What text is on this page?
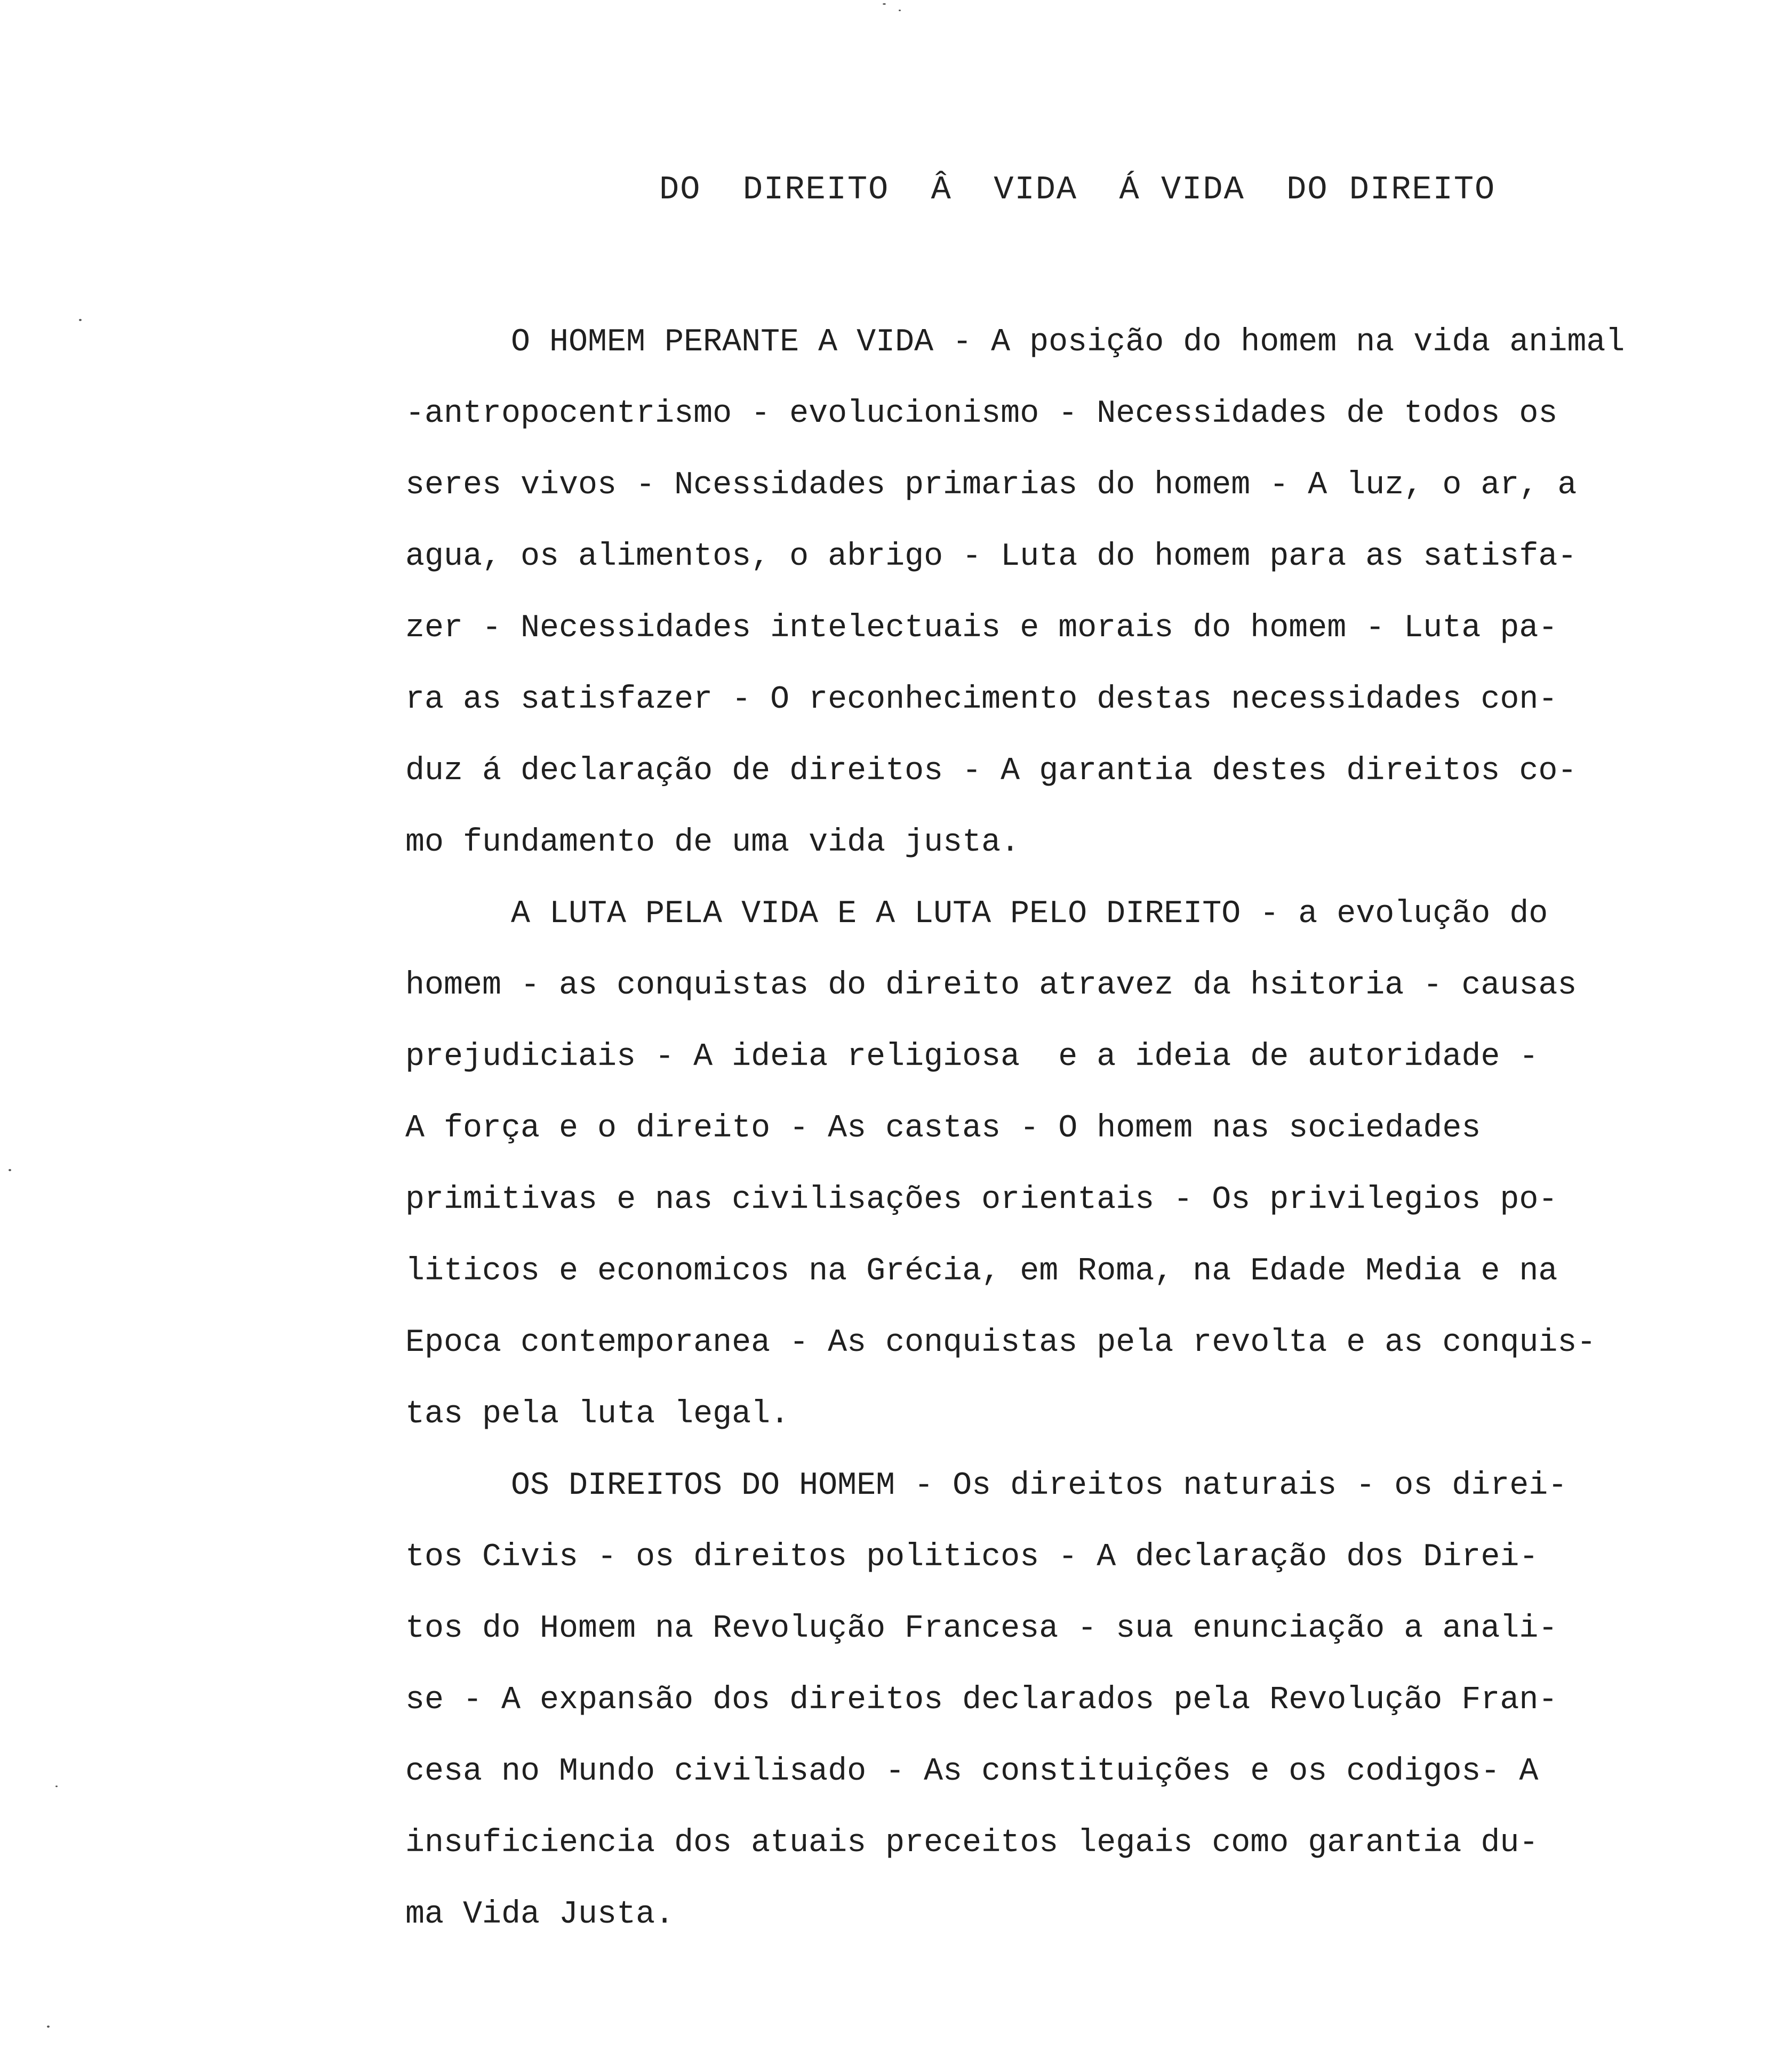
DO  DIREITO  Â  VIDA  Á VIDA  DO DIREITO
O HOMEM PERANTE A VIDA - A posição do homem na vida animal
-antropocentrismo - evolucionismo - Necessidades de todos os
seres vivos - Ncessidades primarias do homem - A luz, o ar, a
agua, os alimentos, o abrigo - Luta do homem para as satisfa-
zer - Necessidades intelectuais e morais do homem - Luta pa-
ra as satisfazer - O reconhecimento destas necessidades con-
duz á declaração de direitos - A garantia destes direitos co-
mo fundamento de uma vida justa.
A LUTA PELA VIDA E A LUTA PELO DIREITO - a evolução do
homem - as conquistas do direito atravez da hsitoria - causas
prejudiciais - A ideia religiosa  e a ideia de autoridade -
A força e o direito - As castas - O homem nas sociedades
primitivas e nas civilisações orientais - Os privilegios po-
liticos e economicos na Grécia, em Roma, na Edade Media e na
Epoca contemporanea - As conquistas pela revolta e as conquis-
tas pela luta legal.
OS DIREITOS DO HOMEM - Os direitos naturais - os direi-
tos Civis - os direitos politicos - A declaração dos Direi-
tos do Homem na Revolução Francesa - sua enunciação a anali-
se - A expansão dos direitos declarados pela Revolução Fran-
cesa no Mundo civilisado - As constituições e os codigos- A
insuficiencia dos atuais preceitos legais como garantia du-
ma Vida Justa.
